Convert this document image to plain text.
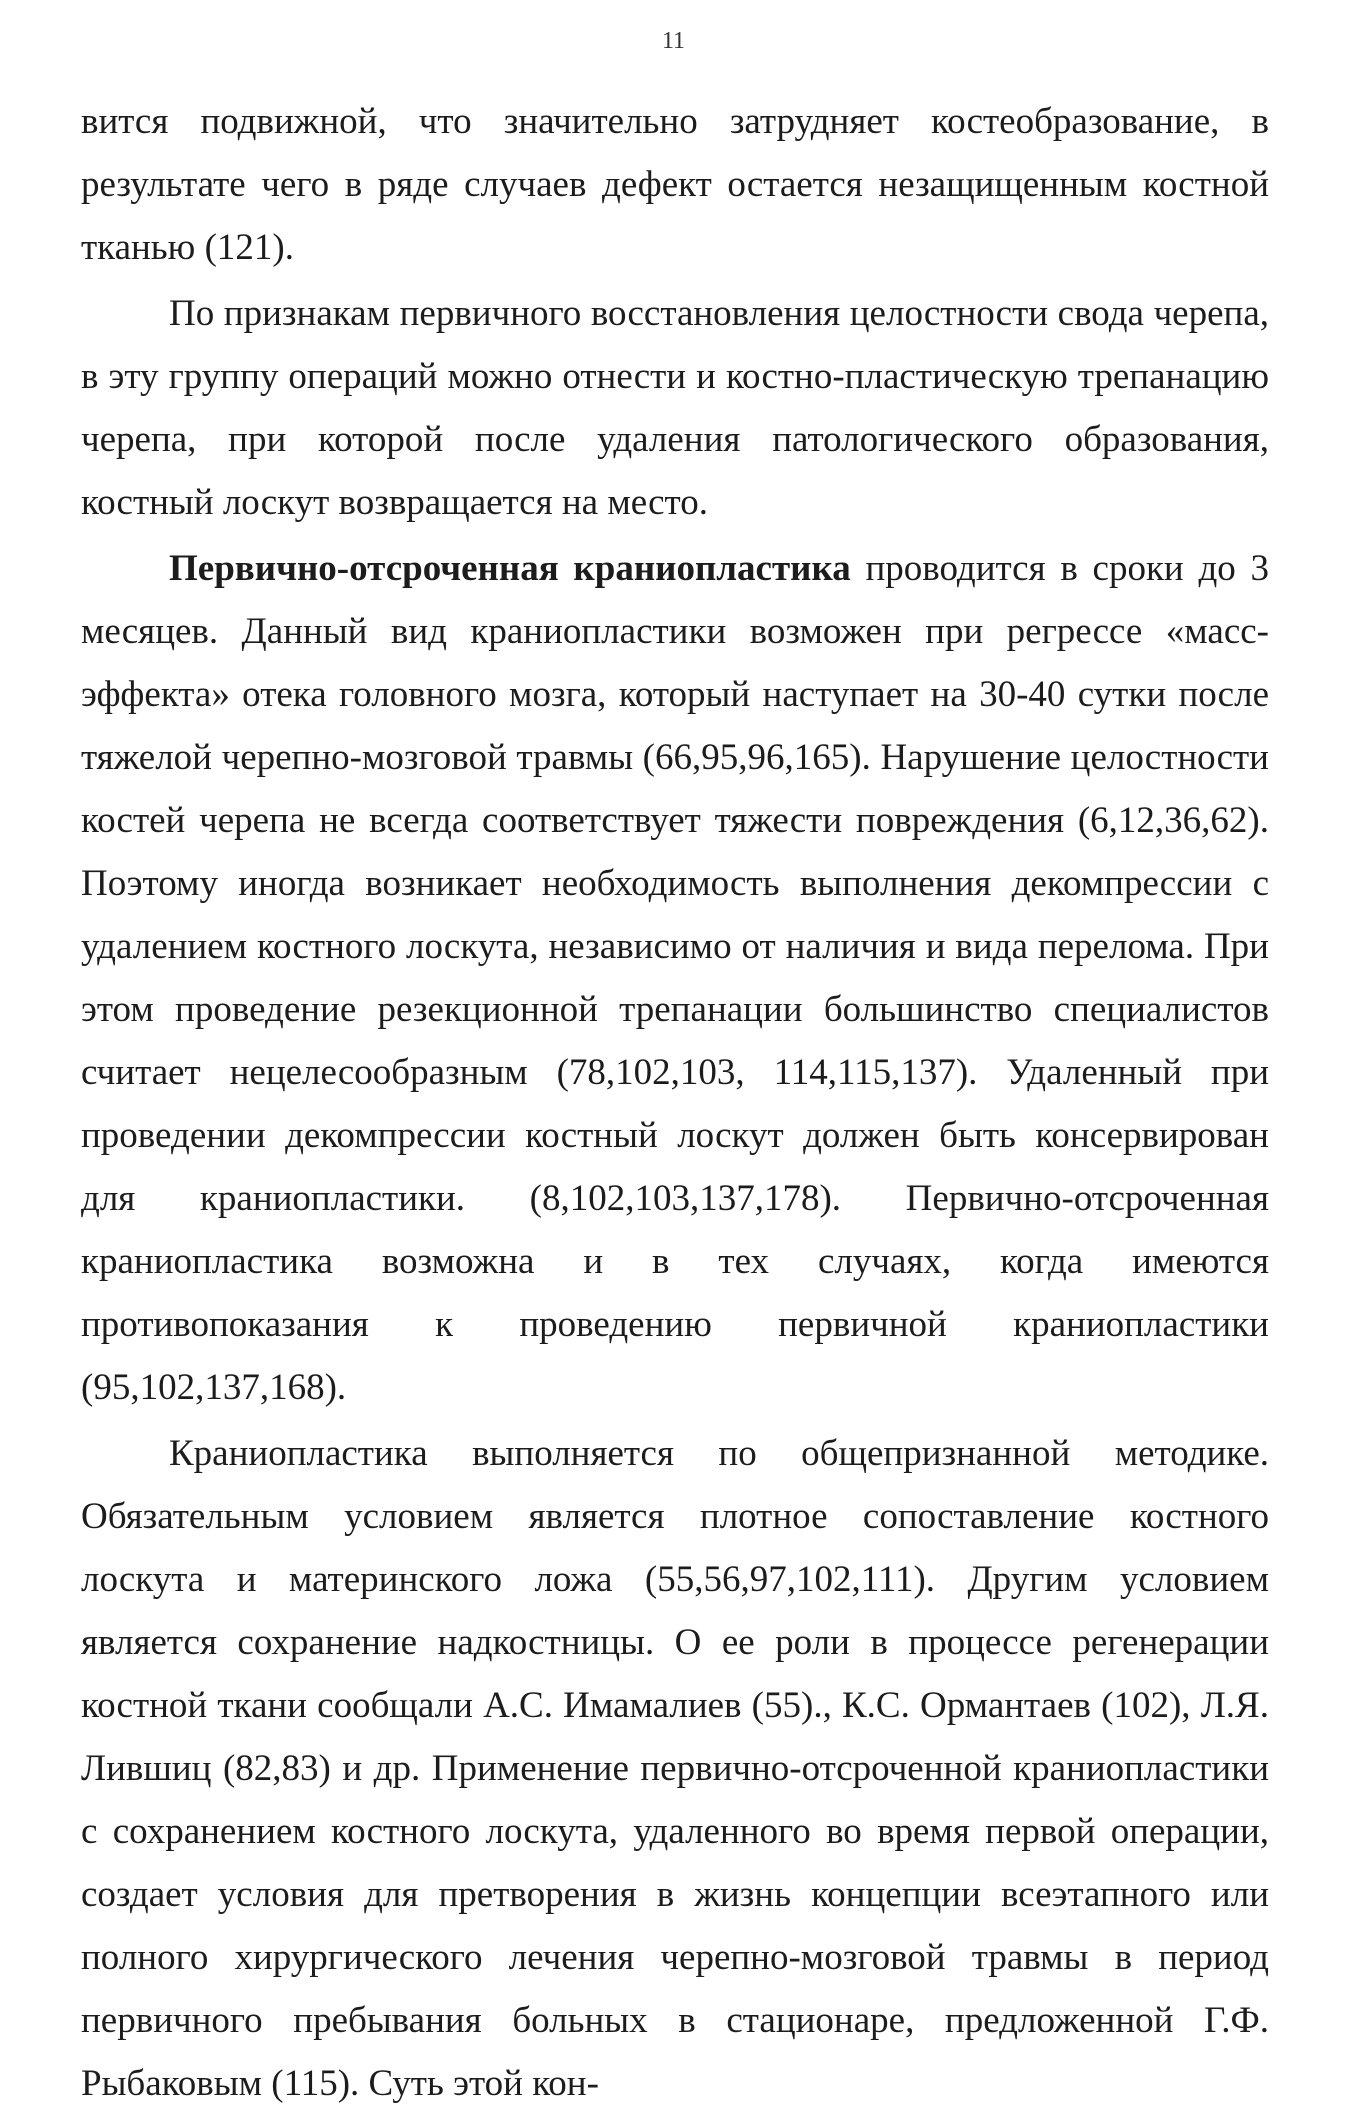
11

вится подвижной, что значительно затрудняет костеобразование, в результате чего в ряде случаев дефект остается незащищенным костной тканью (121).

По признакам первичного восстановления целостности свода черепа, в эту группу операций можно отнести и костно-пластическую трепанацию черепа, при которой после удаления патологического образования, костный лоскут возвращается на место.

Первично-отсроченная краниопластика проводится в сроки до 3 месяцев. Данный вид краниопластики возможен при регрессе «масс-эффекта» отека головного мозга, который наступает на 30-40 сутки после тяжелой черепно-мозговой травмы (66,95,96,165). Нарушение целостности костей черепа не всегда соответствует тяжести повреждения (6,12,36,62). Поэтому иногда возникает необходимость выполнения декомпрессии с удалением костного лоскута, независимо от наличия и вида перелома. При этом проведение резекционной трепанации большинство специалистов считает нецелесообразным (78,102,103, 114,115,137). Удаленный при проведении декомпрессии костный лоскут должен быть консервирован для краниопластики. (8,102,103,137,178). Первично-отсроченная краниопластика возможна и в тех случаях, когда имеются противопоказания к проведению первичной краниопластики (95,102,137,168).

Краниопластика выполняется по общепризнанной методике. Обязательным условием является плотное сопоставление костного лоскута и материнского ложа (55,56,97,102,111). Другим условием является сохранение надкостницы. О ее роли в процессе регенерации костной ткани сообщали А.С. Имамалиев (55)., К.С. Ормантаев (102), Л.Я. Лившиц (82,83) и др. Применение первично-отсроченной краниопластики с сохранением костного лоскута, удаленного во время первой операции, создает условия для претворения в жизнь концепции всеэтапного или полного хирургического лечения черепно-мозговой травмы в период первичного пребывания больных в стационаре, предложенной Г.Ф. Рыбаковым (115). Суть этой кон-
